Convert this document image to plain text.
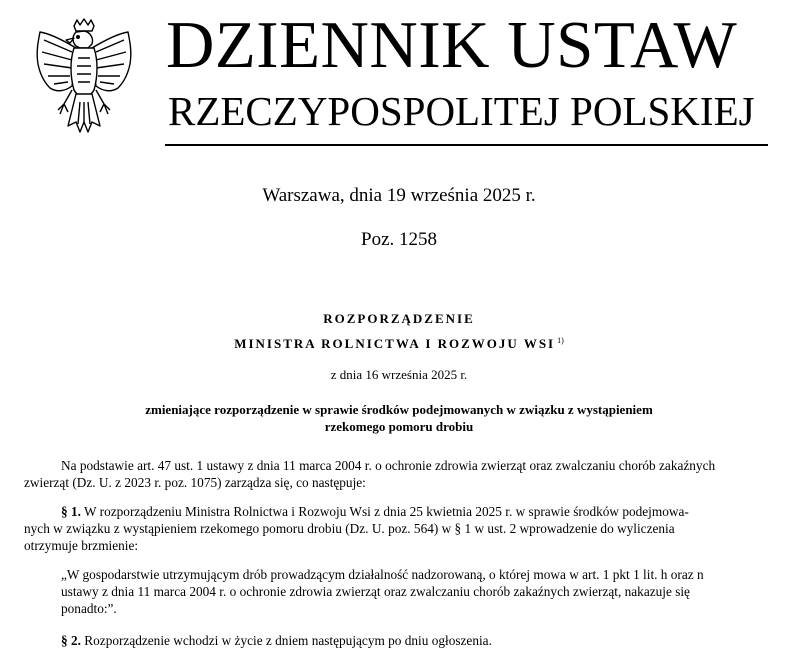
DZIENNIK USTAW
RZECZYPOSPOLITEJ POLSKIEJ
Warszawa, dnia 19 września 2025 r.
Poz. 1258
ROZPORZĄDZENIE
MINISTRA ROLNICTWA I ROZWOJU WSI $^{1)}$
z dnia 16 września 2025 r.
zmieniające rozporządzenie w sprawie środków podejmowanych w związku z wystąpieniem
rzekomego pomoru drobiu
Na podstawie art. 47 ust. 1 ustawy z dnia 11 marca 2004 r. o ochronie zdrowia zwierząt oraz zwalczaniu chorób zakaźnych
zwierząt (Dz. U. z 2023 r. poz. 1075) zarządza się, co następuje:
§ 1. W rozporządzeniu Ministra Rolnictwa i Rozwoju Wsi z dnia 25 kwietnia 2025 r. w sprawie środków podejmowa-
nych w związku z wystąpieniem rzekomego pomoru drobiu (Dz. U. poz. 564) w § 1 w ust. 2 wprowadzenie do wyliczenia
otrzymuje brzmienie:
„W gospodarstwie utrzymującym drób prowadzącym działalność nadzorowaną, o której mowa w art. 1 pkt 1 lit. h oraz n
ustawy z dnia 11 marca 2004 r. o ochronie zdrowia zwierząt oraz zwalczaniu chorób zakaźnych zwierząt, nakazuje się
ponadto:”.
§ 2. Rozporządzenie wchodzi w życie z dniem następującym po dniu ogłoszenia.
